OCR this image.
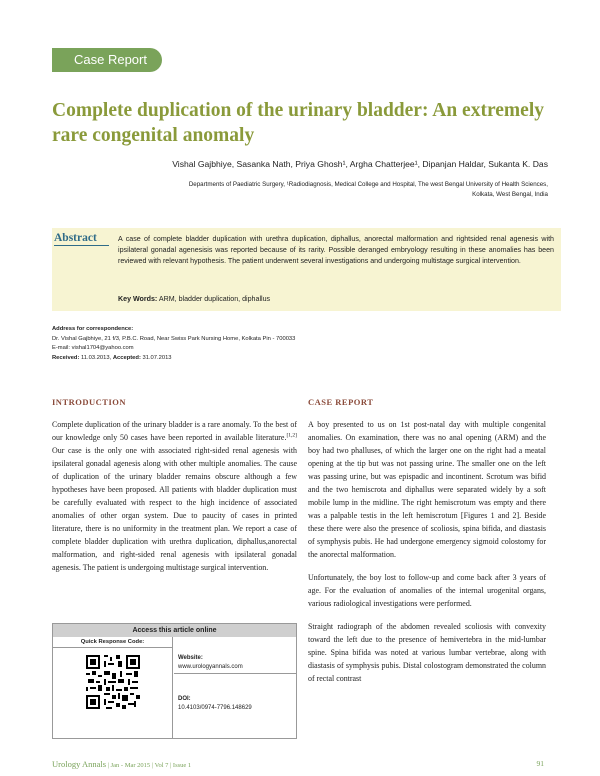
Case Report
Complete duplication of the urinary bladder: An extremely rare congenital anomaly
Vishal Gajbhiye, Sasanka Nath, Priya Ghosh¹, Argha Chatterjee¹, Dipanjan Haldar, Sukanta K. Das
Departments of Paediatric Surgery, ¹Radiodiagnosis, Medical College and Hospital, The west Bengal University of Health Sciences,
Kolkata, West Bengal, India
Abstract	A case of complete bladder duplication with urethra duplication, diphallus, anorectal malformation and rightsided renal agenesis with ipsilateral gonadal agenesisis was reported because of its rarity. Possible deranged embryology resulting in these anomalies has been reviewed with relevant hypothesis. The patient underwent several investigations and undergoing multistage surgical intervention.
Key Words: ARM, bladder duplication, diphallus
Address for correspondence:
Dr. Vishal Gajbhiye, 21 f/3, P.B.C. Road, Near Swiss Park Nursing Home, Kolkata Pin - 700033
E-mail: vishal1704@yahoo.com
Received: 11.03.2013, Accepted: 31.07.2013
INTRODUCTION

Complete duplication of the urinary bladder is a rare anomaly. To the best of our knowledge only 50 cases have been reported in available literature.[1,2] Our case is the only one with associated right-sided renal agenesis with ipsilateral gonadal agenesis along with other multiple anomalies. The cause of duplication of the urinary bladder remains obscure although a few hypotheses have been proposed. All patients with bladder duplication must be carefully evaluated with respect to the high incidence of associated anomalies of other organ system. Due to paucity of cases in printed literature, there is no uniformity in the treatment plan. We report a case of complete bladder duplication with urethra duplication, diphallus,anorectal malformation, and right-sided renal agenesis with ipsilateral gonadal agenesis. The patient is undergoing multistage surgical intervention.

CASE REPORT

A boy presented to us on 1st post-natal day with multiple congenital anomalies. On examination, there was no anal opening (ARM) and the boy had two phalluses, of which the larger one on the right had a meatal opening at the tip but was not passing urine. The smaller one on the left was passing urine, but was epispadic and incontinent. Scrotum was bifid and the two hemiscrota and diphallus were separated widely by a soft mobile lump in the midline. The right hemiscrotum was empty and there was a palpable testis in the left hemiscrotum [Figures 1 and 2]. Beside these there were also the presence of scoliosis, spina bifida, and diastasis of symphysis pubis. He had undergone emergency sigmoid colostomy for the anorectal malformation.

Unfortunately, the boy lost to follow-up and come back after 3 years of age. For the evaluation of anomalies of the internal urogenital organs, various radiological investigations were performed.

Straight radiograph of the abdomen revealed scoliosis with convexity toward the left due to the presence of hemivertebra in the mid-lumbar spine. Spina bifida was noted at various lumbar vertebrae, along with diastasis of symphysis pubis. Distal colostogram demonstrated the column of rectal contrast

Access this article online
Quick Response Code:
Website:
www.urologyannals.com
DOI:
10.4103/0974-7796.148629
Urology Annals | Jan - Mar 2015 | Vol 7 | Issue 1	91
